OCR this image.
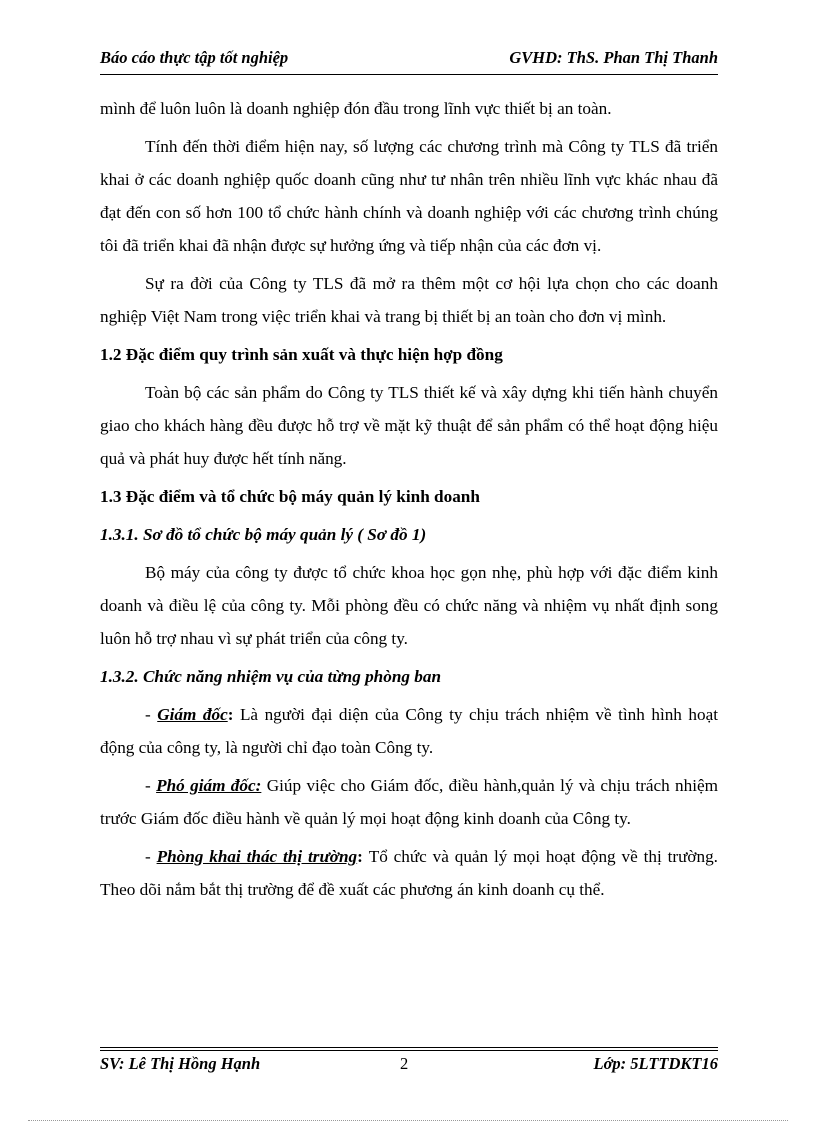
Báo cáo thực tập tốt nghiệp	GVHD: ThS. Phan Thị Thanh

mình để luôn luôn là doanh nghiệp đón đầu trong lĩnh vực thiết bị an toàn.

Tính đến thời điểm hiện nay, số lượng các chương trình mà Công ty TLS đã triển khai ở các doanh nghiệp quốc doanh cũng như tư nhân trên nhiều lĩnh vực khác nhau đã đạt đến con số hơn 100 tổ chức hành chính và doanh nghiệp với các chương trình chúng tôi đã triển khai đã nhận được sự hưởng ứng và tiếp nhận của các đơn vị.

Sự ra đời của Công ty TLS đã mở ra thêm một cơ hội lựa chọn cho các doanh nghiệp Việt Nam trong việc triển khai và trang bị thiết bị an toàn cho đơn vị mình.

1.2 Đặc điểm quy trình sản xuất và thực hiện hợp đồng

Toàn bộ các sản phẩm do Công ty TLS thiết kế và xây dựng khi tiến hành chuyển giao cho khách hàng đều được hỗ trợ về mặt kỹ thuật để sản phẩm có thể hoạt động hiệu quả và phát huy được hết tính năng.

1.3 Đặc điểm và tổ chức bộ máy quản lý kinh doanh
1.3.1. Sơ đồ tổ chức bộ máy quản lý ( Sơ đồ 1)

Bộ máy của công ty được tổ chức khoa học gọn nhẹ, phù hợp với đặc điểm kinh doanh và điều lệ của công ty. Mỗi phòng đều có chức năng và nhiệm vụ nhất định song luôn hỗ trợ nhau vì sự phát triển của công ty.

1.3.2. Chức năng nhiệm vụ của từng phòng ban

- Giám đốc: Là người đại diện của Công ty chịu trách nhiệm về tình hình hoạt động của công ty, là người chỉ đạo toàn Công ty.

- Phó giám đốc: Giúp việc cho Giám đốc, điều hành,quản lý và chịu trách nhiệm trước Giám đốc điều hành về quản lý mọi hoạt động kinh doanh của Công ty.

- Phòng khai thác thị trường: Tổ chức và quản lý mọi hoạt động về thị trường. Theo dõi nắm bắt thị trường để đề xuất các phương án kinh doanh cụ thể.

SV: Lê Thị Hồng Hạnh	2	Lớp: 5LTTDKT16
